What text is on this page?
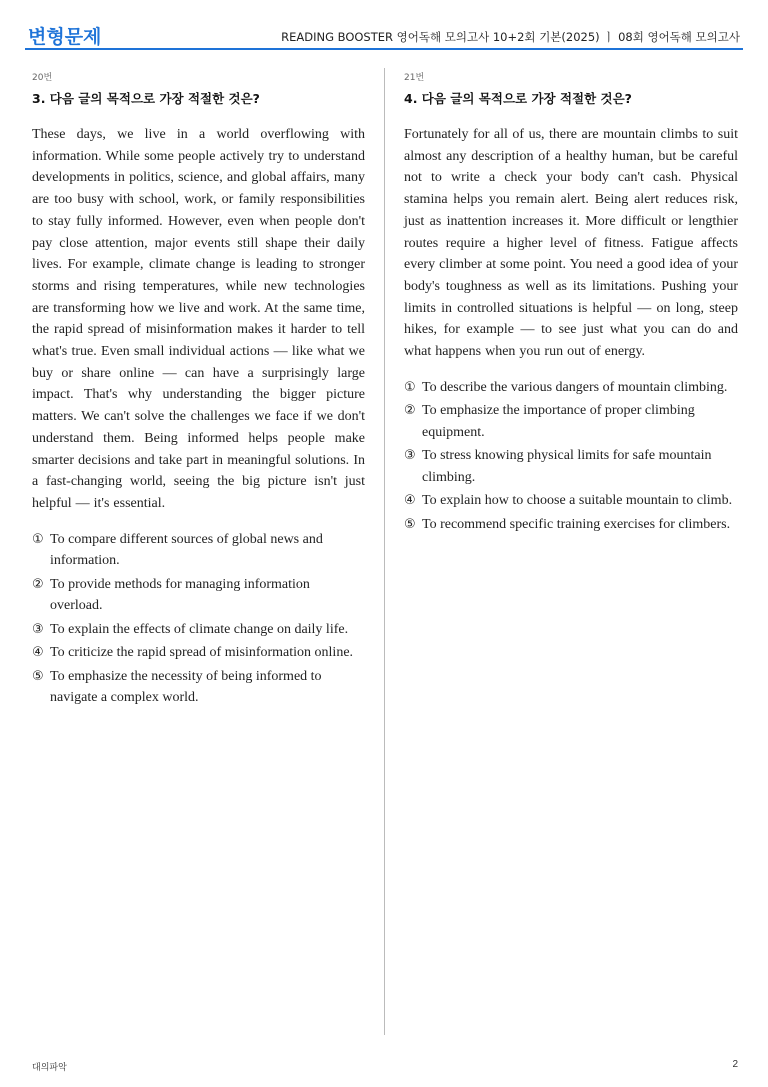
변형문제	READING BOOSTER 영어독해 모의고사 10+2회 기본(2025) ㅣ 08회 영어독해 모의고사
20번
3. 다음 글의 목적으로 가장 적절한 것은?

These days, we live in a world overflowing with information. While some people actively try to understand developments in politics, science, and global affairs, many are too busy with school, work, or family responsibilities to stay fully informed. However, even when people don't pay close attention, major events still shape their daily lives. For example, climate change is leading to stronger storms and rising temperatures, while new technologies are transforming how we live and work. At the same time, the rapid spread of misinformation makes it harder to tell what's true. Even small individual actions — like what we buy or share online — can have a surprisingly large impact. That's why understanding the bigger picture matters. We can't solve the challenges we face if we don't understand them. Being informed helps people make smarter decisions and take part in meaningful solutions. In a fast-changing world, seeing the big picture isn't just helpful — it's essential.

① To compare different sources of global news and information.
② To provide methods for managing information overload.
③ To explain the effects of climate change on daily life.
④ To criticize the rapid spread of misinformation online.
⑤ To emphasize the necessity of being informed to navigate a complex world.
21번
4. 다음 글의 목적으로 가장 적절한 것은?

Fortunately for all of us, there are mountain climbs to suit almost any description of a healthy human, but be careful not to write a check your body can't cash. Physical stamina helps you remain alert. Being alert reduces risk, just as inattention increases it. More difficult or lengthier routes require a higher level of fitness. Fatigue affects every climber at some point. You need a good idea of your body's toughness as well as its limitations. Pushing your limits in controlled situations is helpful — on long, steep hikes, for example — to see just what you can do and what happens when you run out of energy.

① To describe the various dangers of mountain climbing.
② To emphasize the importance of proper climbing equipment.
③ To stress knowing physical limits for safe mountain climbing.
④ To explain how to choose a suitable mountain to climb.
⑤ To recommend specific training exercises for climbers.
대의파악	2
